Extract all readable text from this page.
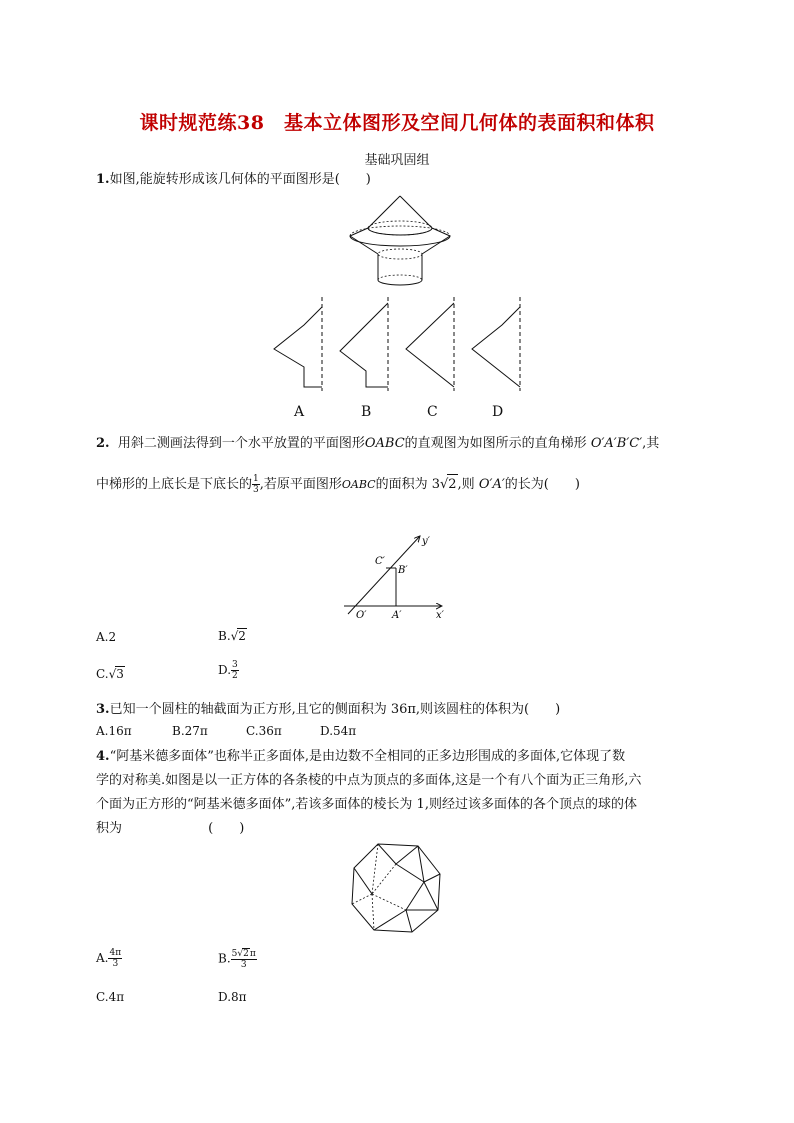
课时规范练38　基本立体图形及空间几何体的表面积和体积
基础巩固组
1.如图,能旋转形成该几何体的平面图形是(　　)
A	B	C	D
2. 用斜二测画法得到一个水平放置的平面图形OABC的直观图为如图所示的直角梯形 O′A′B′C′,其
中梯形的上底长是下底长的 $\frac{1}{3}$ ,若原平面图形OABC的面积为 3√2,则 O′A′的长为(　　)
y′
x′
O′	A′
B′
C′
A.2	B.√2
C.√3	D. $\frac{3}{2}$
3.已知一个圆柱的轴截面为正方形,且它的侧面积为 36π,则该圆柱的体积为(　　)
A.16π	B.27π	C.36π	D.54π
4.“阿基米德多面体”也称半正多面体,是由边数不全相同的正多边形围成的多面体,它体现了数
学的对称美.如图是以一正方体的各条棱的中点为顶点的多面体,这是一个有八个面为正三角形,六
个面为正方形的“阿基米德多面体”,若该多面体的棱长为 1,则经过该多面体的各个顶点的球的体
积为	(　　)
A. $\frac{4\pi}{3}$	B. $\frac{5√2\pi}{3}$
C.4π	D.8π
